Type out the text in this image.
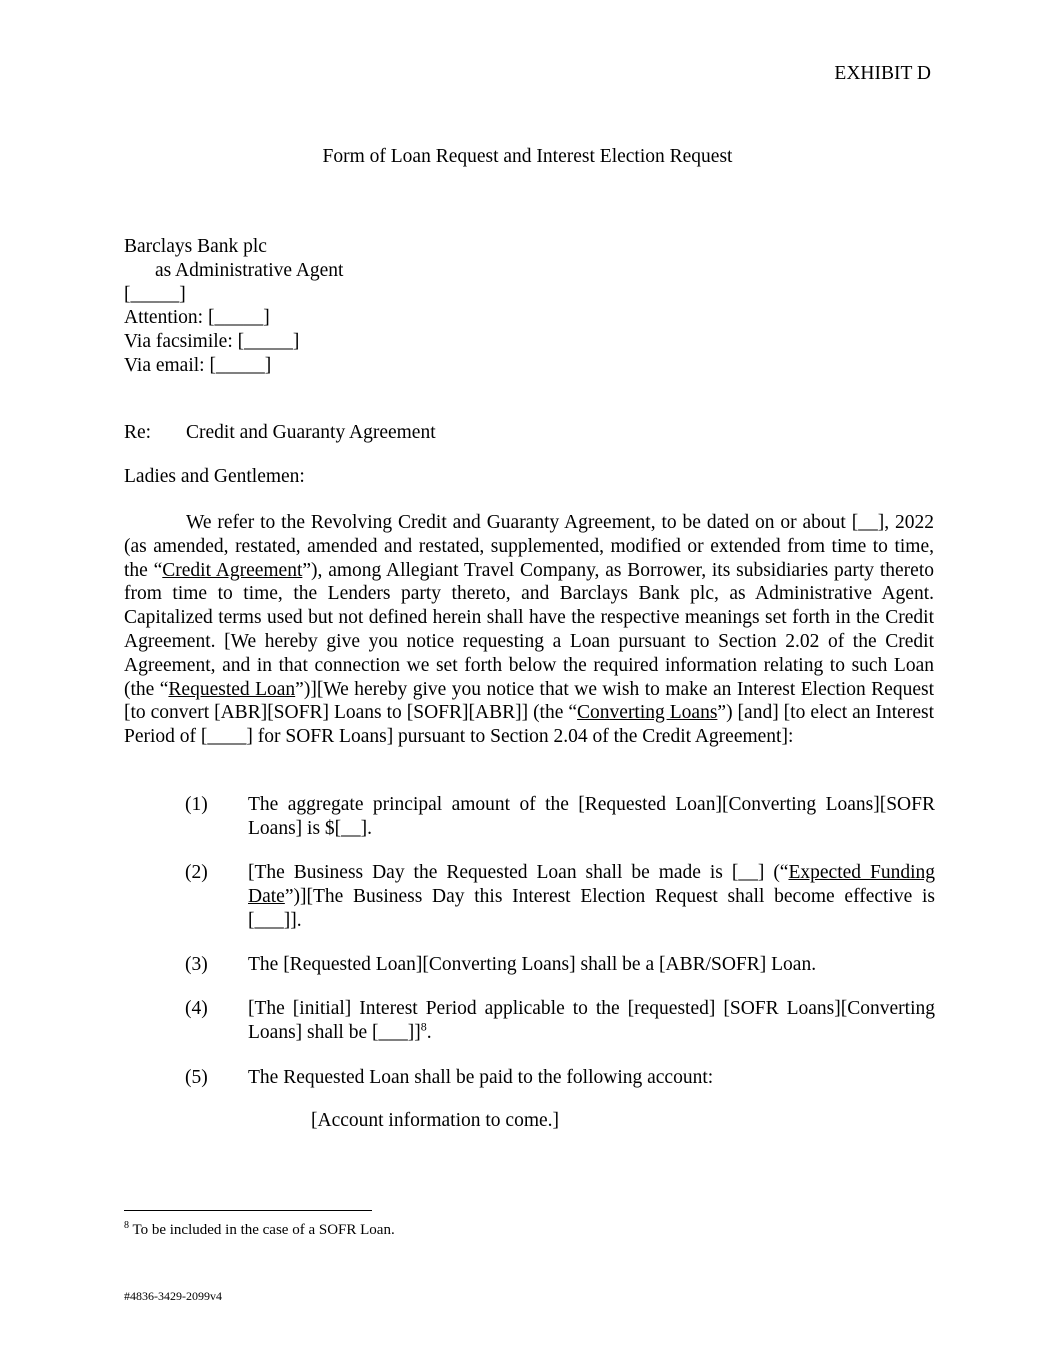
EXHIBIT D
Form of Loan Request and Interest Election Request
Barclays Bank plc
as Administrative Agent
[_____]
Attention: [_____]
Via facsimile: [_____]
Via email: [_____]
Re: Credit and Guaranty Agreement
Ladies and Gentlemen:
We refer to the Revolving Credit and Guaranty Agreement, to be dated on or about [__], 2022 (as amended, restated, amended and restated, supplemented, modified or extended from time to time, the “Credit Agreement”), among Allegiant Travel Company, as Borrower, its subsidiaries party thereto from time to time, the Lenders party thereto, and Barclays Bank plc, as Administrative Agent. Capitalized terms used but not defined herein shall have the respective meanings set forth in the Credit Agreement. [We hereby give you notice requesting a Loan pursuant to Section 2.02 of the Credit Agreement, and in that connection we set forth below the required information relating to such Loan (the “Requested Loan”)][We hereby give you notice that we wish to make an Interest Election Request [to convert [ABR][SOFR] Loans to [SOFR][ABR]] (the “Converting Loans”) [and] [to elect an Interest Period of [____] for SOFR Loans] pursuant to Section 2.04 of the Credit Agreement]:
(1) The aggregate principal amount of the [Requested Loan][Converting Loans][SOFR Loans] is $[__].
(2) [The Business Day the Requested Loan shall be made is [__] (“Expected Funding Date”)][The Business Day this Interest Election Request shall become effective is [___]].
(3) The [Requested Loan][Converting Loans] shall be a [ABR/SOFR] Loan.
(4) [The [initial] Interest Period applicable to the [requested] [SOFR Loans][Converting Loans] shall be [___]]$^8$.
(5) The Requested Loan shall be paid to the following account:
[Account information to come.]
$^8$ To be included in the case of a SOFR Loan.
#4836-3429-2099v4
